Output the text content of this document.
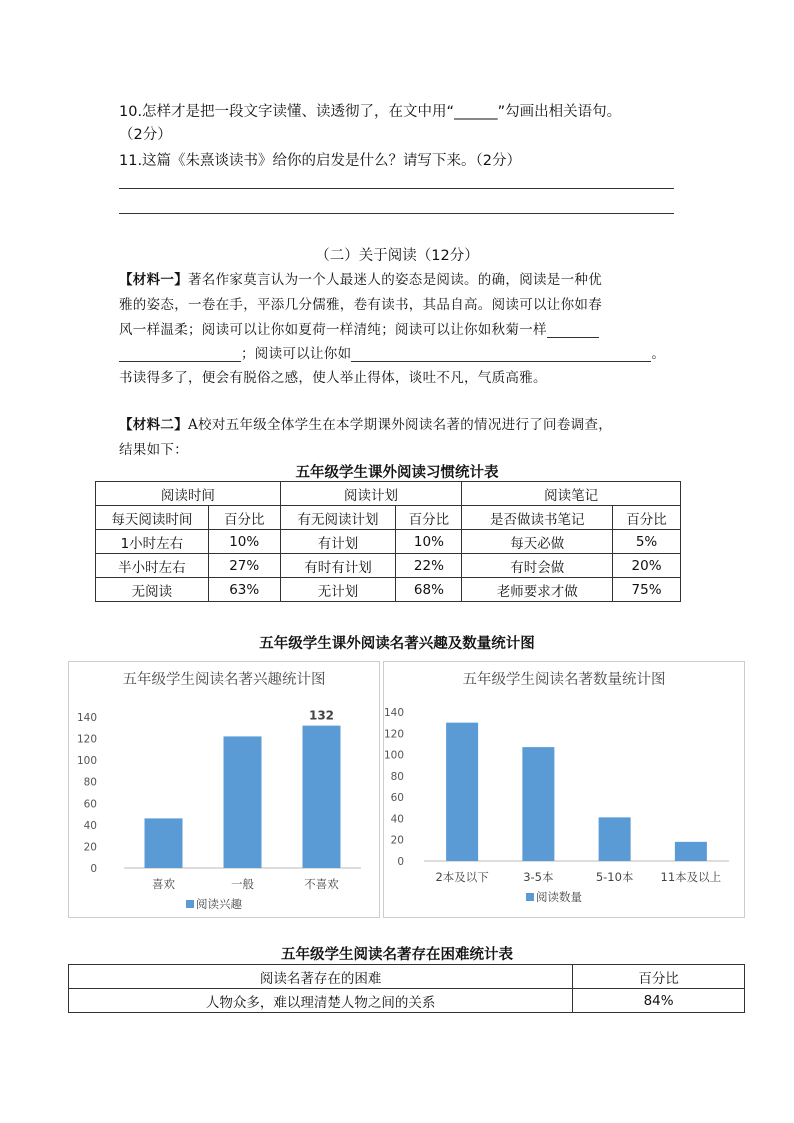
10.怎样才是把一段文字读懂、读透彻了，在文中用“______”勾画出相关语句。
（2分）
11.这篇《朱熹谈读书》给你的启发是什么？请写下来。（2分）
（二）关于阅读（12分）
【材料一】著名作家莫言认为一个人最迷人的姿态是阅读。的确，阅读是一种优
雅的姿态，一卷在手，平添几分儒雅，卷有读书，其品自高。阅读可以让你如春
风一样温柔；阅读可以让你如夏荷一样清纯；阅读可以让你如秋菊一样
；阅读可以让你如	。
书读得多了，便会有脱俗之感，使人举止得体，谈吐不凡，气质高雅。
【材料二】A校对五年级全体学生在本学期课外阅读名著的情况进行了问卷调查，
结果如下：
五年级学生课外阅读习惯统计表
阅读时间		阅读计划		阅读笔记	
每天阅读时间	百分比	有无阅读计划	百分比	是否做读书笔记	百分比
1小时左右	10%	有计划	10%	每天必做	5%
半小时左右	27%	有时有计划	22%	有时会做	20%
无阅读	63%	无计划	68%	老师要求才做	75%
五年级学生课外阅读名著兴趣及数量统计图
五年级学生阅读名著兴趣统计图
0
20
40
60
80
100
120
140
喜欢	一般	不喜欢
132
阅读兴趣
五年级学生阅读名著数量统计图
0
20
40
60
80
100
120
140
2本及以下	3-5本	5-10本 11本及以上
阅读数量
五年级学生阅读名著存在困难统计表
阅读名著存在的困难	百分比
人物众多，难以理清楚人物之间的关系	84%
